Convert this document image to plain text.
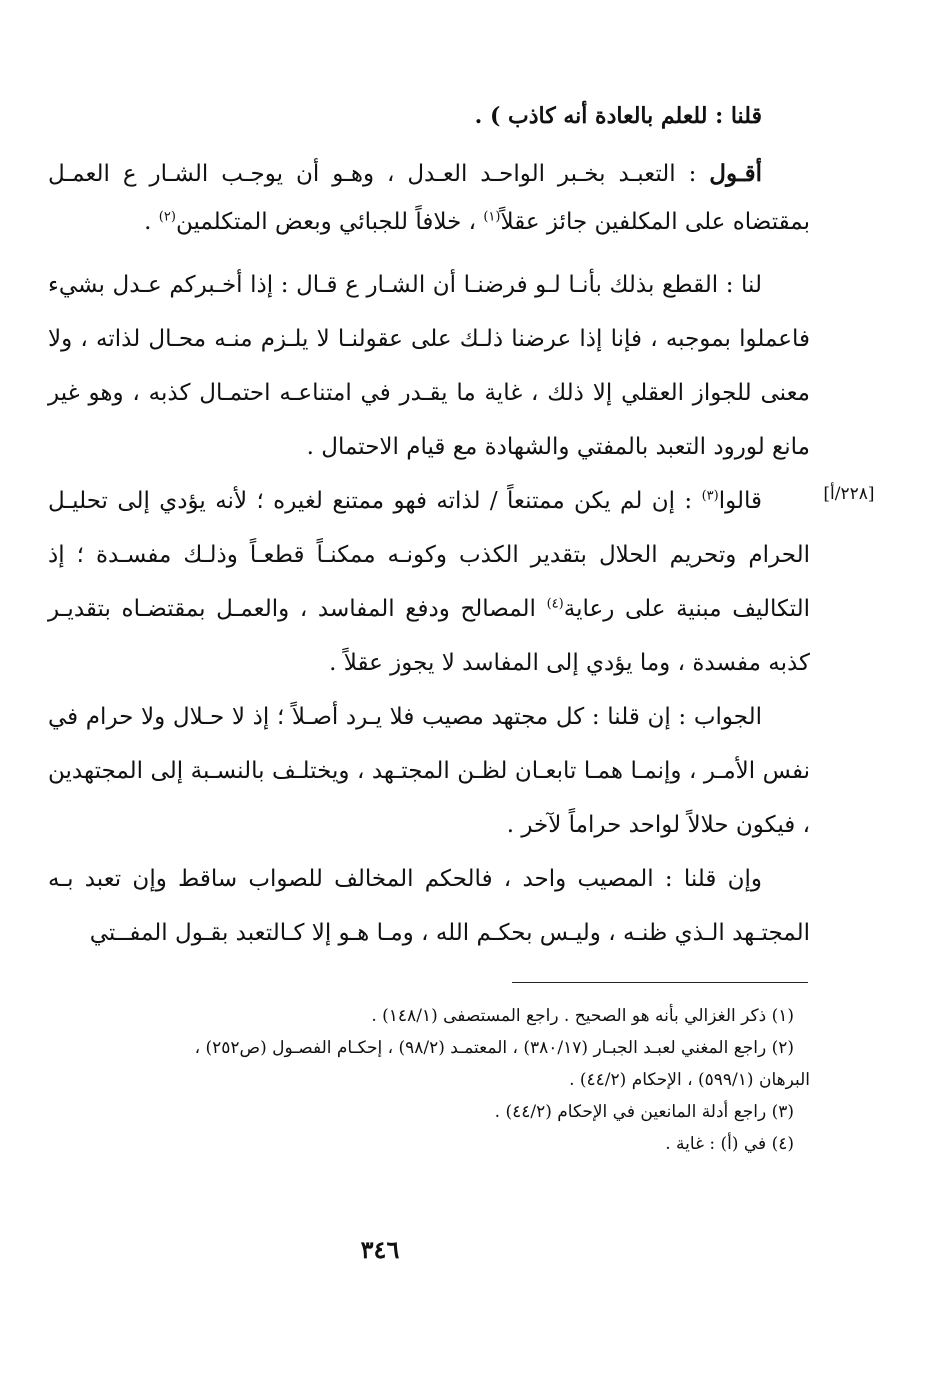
قلنا : للعلم بالعادة أنه كاذب ) .

أقـول : التعبـد بخـبر الواحـد العـدل ، وهـو أن يوجـب الشـار ع العمـل بمقتضاه على المكلفين جائز عقلاً$^{(١)}$ ، خلافاً للجبائي وبعض المتكلمين$^{(٢)}$ .

لنا : القطع بذلك بأنـا لـو فرضنـا أن الشـار ع قـال : إذا أخـبركم عـدل بشيء فاعملوا بموجبه ، فإنا إذا عرضنا ذلـك على عقولنـا لا يلـزم منـه محـال لذاته ، ولا معنى للجواز العقلي إلا ذلك ، غاية ما يقـدر في امتناعـه احتمـال كذبه ، وهو غير مانع لورود التعبد بالمفتي والشهادة مع قيام الاحتمال .

[٢٢٨/أ]

قالوا$^{(٣)}$ : إن لم يكن ممتنعاً / لذاته فهو ممتنع لغيره ؛ لأنه يؤدي إلى تحليـل الحرام وتحريم الحلال بتقدير الكذب وكونـه ممكنـاً قطعـاً وذلـك مفسـدة ؛ إذ التكاليف مبنية على رعاية$^{(٤)}$ المصالح ودفع المفاسد ، والعمـل بمقتضـاه بتقديـر كذبه مفسدة ، وما يؤدي إلى المفاسد لا يجوز عقلاً .

الجواب : إن قلنا : كل مجتهد مصيب فلا يـرد أصـلاً ؛ إذ لا حـلال ولا حرام في نفس الأمـر ، وإنمـا همـا تابعـان لظـن المجتـهد ، ويختلـف بالنسـبة إلى المجتهدين ، فيكون حلالاً لواحد حراماً لآخر .

وإن قلنا : المصيب واحد ، فالحكم المخالف للصواب ساقط وإن تعبد بـه المجتـهد الـذي ظنـه ، وليـس بحكـم الله ، ومـا هـو إلا كـالتعبد بقـول المفــتي

(١) ذكر الغزالي بأنه هو الصحيح . راجع المستصفى (١٤٨/١) .

(٢) راجع المغني لعبـد الجبـار (٣٨٠/١٧) ، المعتمـد (٩٨/٢) ، إحكـام الفصـول (ص٢٥٢) ،

البرهان (٥٩٩/١) ، الإحكام (٤٤/٢) .

(٣) راجع أدلة المانعين في الإحكام (٤٤/٢) .

(٤) في (أ) : غاية .

٣٤٦
